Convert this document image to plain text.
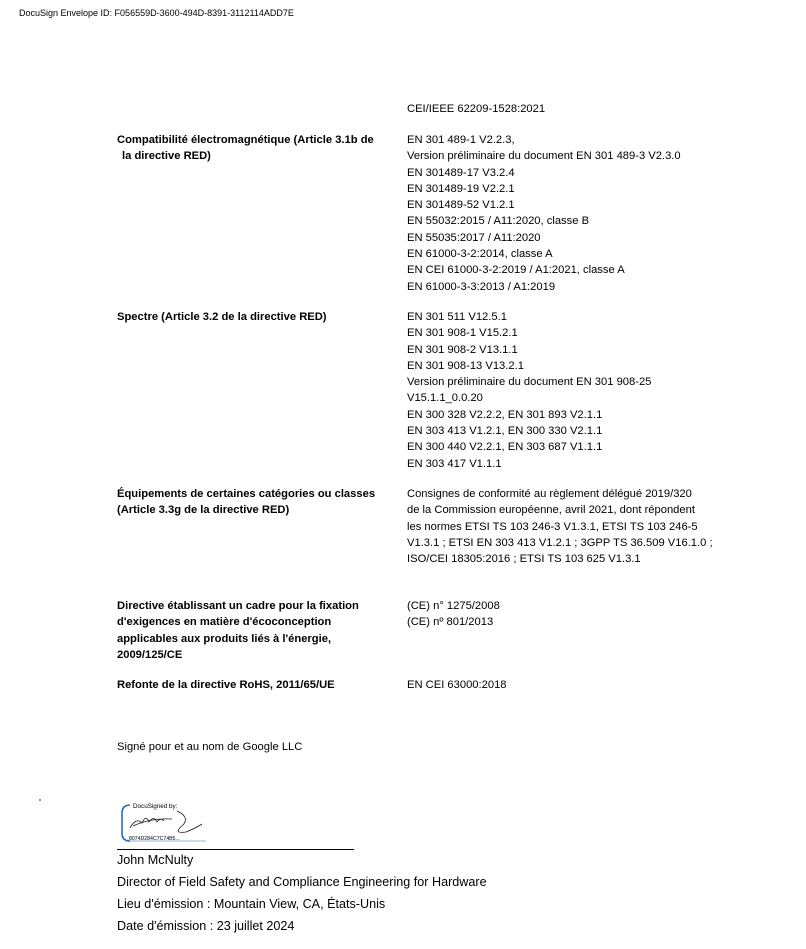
DocuSign Envelope ID: F056559D-3600-494D-8391-3112114ADD7E
CEI/IEEE 62209-1528:2021
Compatibilité électromagnétique (Article 3.1b de
la directive RED)
EN 301 489-1 V2.2.3,
Version préliminaire du document EN 301 489-3 V2.3.0
EN 301489-17 V3.2.4
EN 301489-19 V2.2.1
EN 301489-52 V1.2.1
EN 55032:2015 / A11:2020, classe B
EN 55035:2017 / A11:2020
EN 61000-3-2:2014, classe A
EN CEI 61000-3-2:2019 / A1:2021, classe A
EN 61000-3-3:2013 / A1:2019
Spectre (Article 3.2 de la directive RED)	EN 301 511 V12.5.1
EN 301 908-1 V15.2.1
EN 301 908-2 V13.1.1
EN 301 908-13 V13.2.1
Version préliminaire du document EN 301 908-25
V15.1.1_0.0.20
EN 300 328 V2.2.2, EN 301 893 V2.1.1
EN 303 413 V1.2.1, EN 300 330 V2.1.1
EN 300 440 V2.2.1, EN 303 687 V1.1.1
EN 303 417 V1.1.1
Équipements de certaines catégories ou classes
(Article 3.3g de la directive RED)
Consignes de conformité au règlement délégué 2019/320
de la Commission européenne, avril 2021, dont répondent
les normes ETSI TS 103 246-3 V1.3.1, ETSI TS 103 246-5
V1.3.1 ; ETSI EN 303 413 V1.2.1 ; 3GPP TS 36.509 V16.1.0 ;
ISO/CEI 18305:2016 ; ETSI TS 103 625 V1.3.1
Directive établissant un cadre pour la fixation
d'exigences en matière d'écoconception
applicables aux produits liés à l'énergie,
2009/125/CE
(CE) n° 1275/2008
(CE) nº 801/2013
Refonte de la directive RoHS, 2011/65/UE	EN CEI 63000:2018
Signé pour et au nom de Google LLC
DocuSigned by:
8074D284C7C74B5...
John McNulty
Director of Field Safety and Compliance Engineering for Hardware
Lieu d'émission : Mountain View, CA, États-Unis
Date d'émission : 23 juillet 2024
